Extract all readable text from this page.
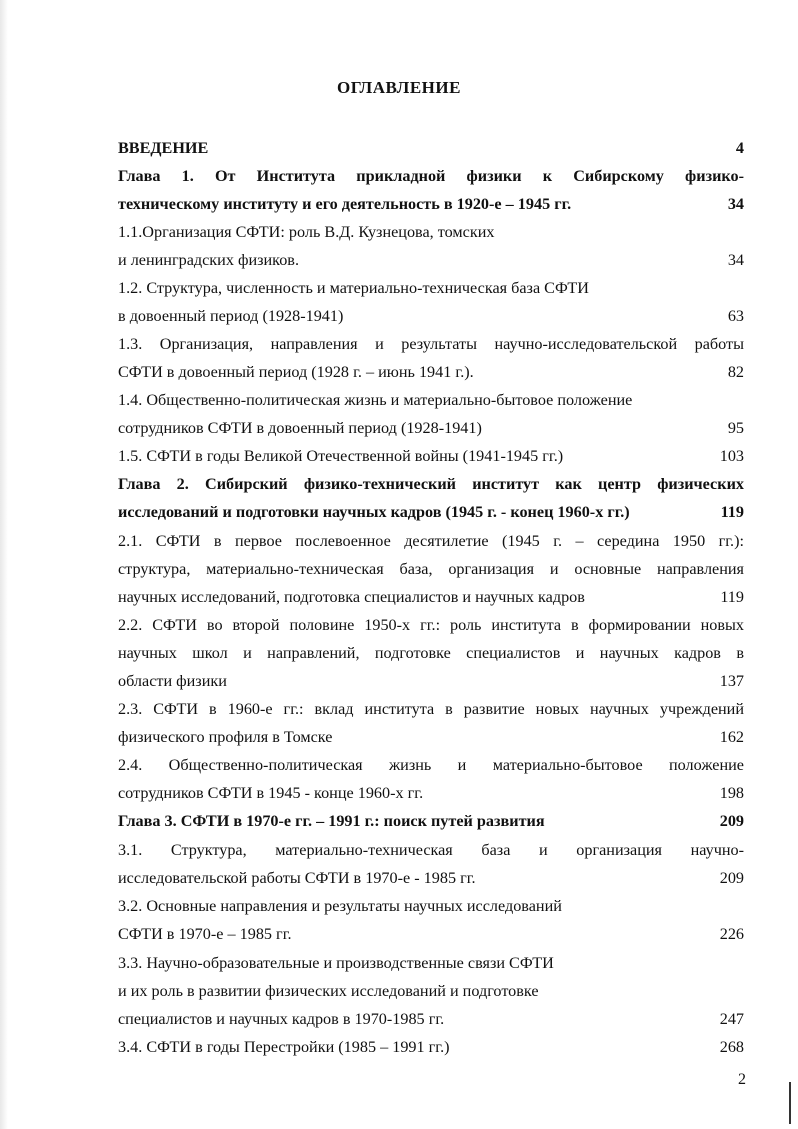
ОГЛАВЛЕНИЕ
ВВЕДЕНИЕ	4
Глава 1. От Института прикладной физики к Сибирскому физико-
техническому институту и его деятельность в 1920-е – 1945 гг.	34
1.1.Организация СФТИ: роль В.Д. Кузнецова, томских
и ленинградских физиков.	34
1.2. Структура, численность и материально-техническая база СФТИ
в довоенный период (1928-1941)	63
1.3. Организация, направления и результаты научно-исследовательской работы
СФТИ в довоенный период (1928 г. – июнь 1941 г.).	82
1.4. Общественно-политическая жизнь и материально-бытовое положение
сотрудников СФТИ в довоенный период (1928-1941)	95
1.5. СФТИ в годы Великой Отечественной войны (1941-1945 гг.)	103
Глава 2. Сибирский физико-технический институт как центр физических
исследований и подготовки научных кадров (1945 г. - конец 1960-х гг.)	119
2.1. СФТИ в первое послевоенное десятилетие (1945 г. – середина 1950 гг.):
структура, материально-техническая база, организация и основные направления
научных исследований, подготовка специалистов и научных кадров	119
2.2. СФТИ во второй половине 1950-х гг.: роль института в формировании новых
научных школ и направлений, подготовке специалистов и научных кадров в
области физики	137
2.3. СФТИ в 1960-е гг.: вклад института в развитие новых научных учреждений
физического профиля в Томске	162
2.4. Общественно-политическая жизнь и материально-бытовое положение
сотрудников СФТИ в 1945 - конце 1960-х гг.	198
Глава 3. СФТИ в 1970-е гг. – 1991 г.: поиск путей развития	209
3.1. Структура, материально-техническая база и организация научно-
исследовательской работы СФТИ в 1970-е - 1985 гг.	209
3.2. Основные направления и результаты научных исследований
СФТИ в 1970-е – 1985 гг.	226
3.3. Научно-образовательные и производственные связи СФТИ
и их роль в развитии физических исследований и подготовке
специалистов и научных кадров в 1970-1985 гг.	247
3.4. СФТИ в годы Перестройки (1985 – 1991 гг.)	268
2
